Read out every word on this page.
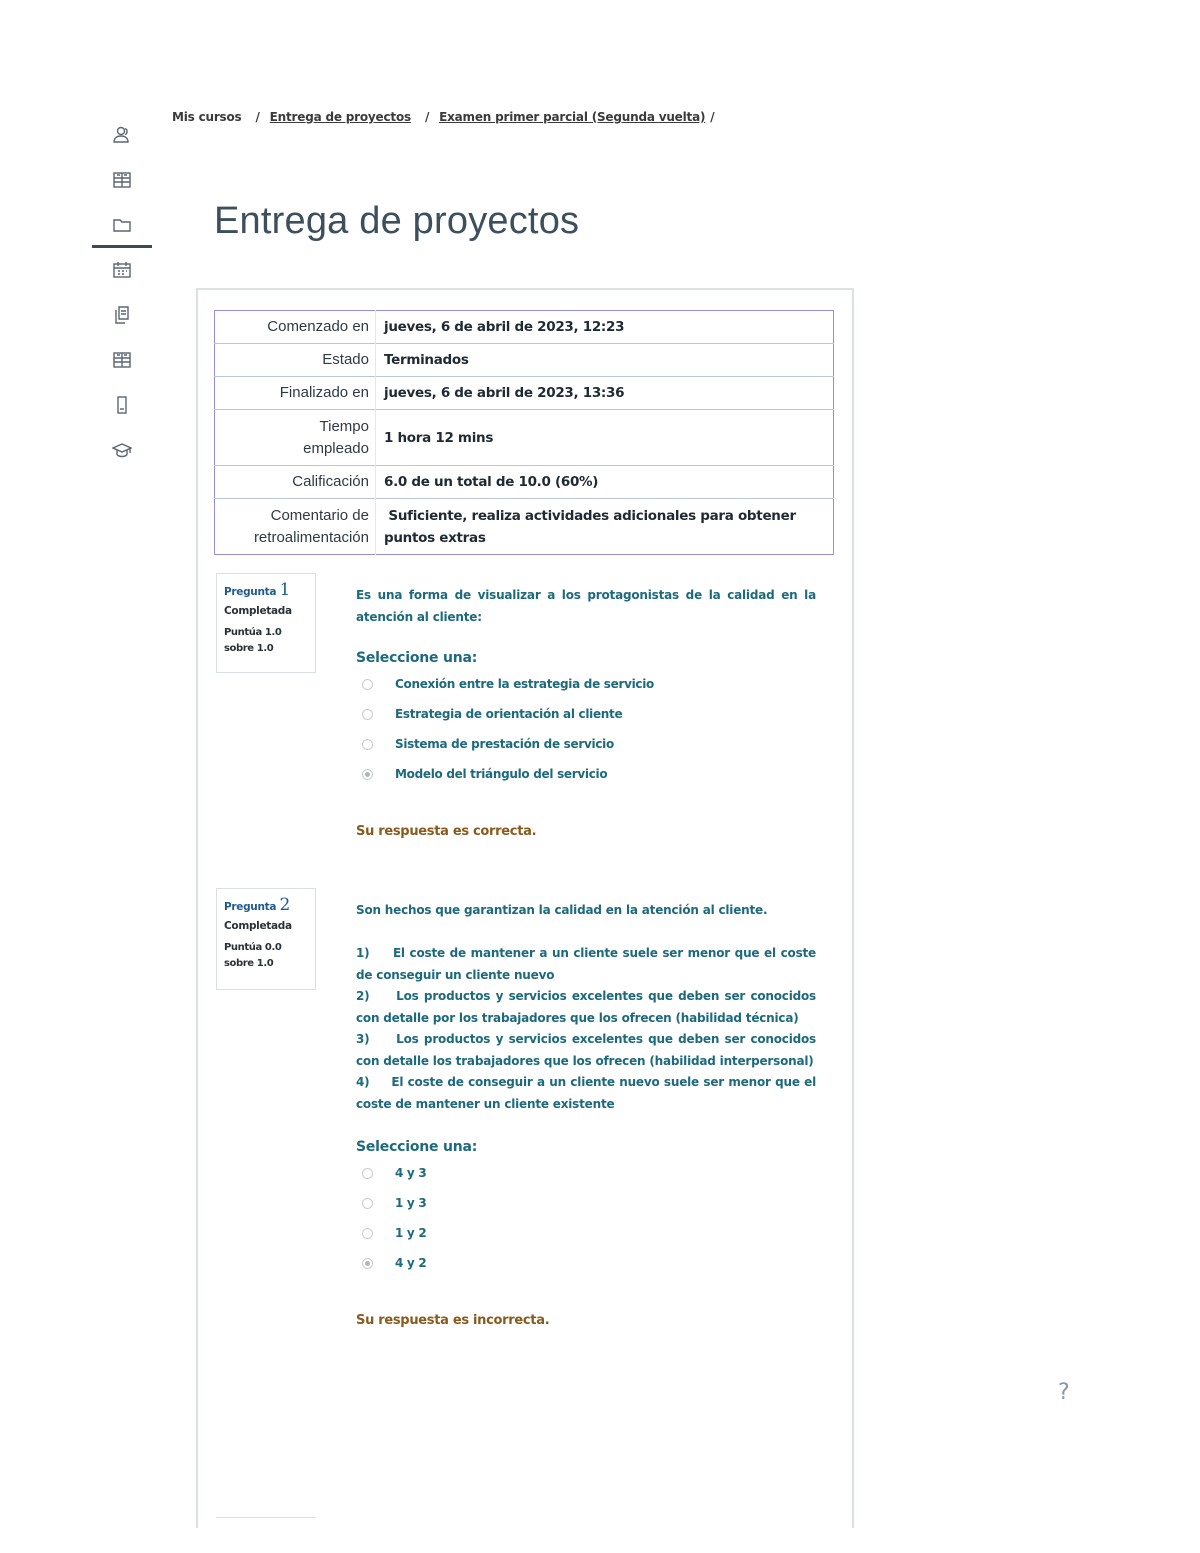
Mis cursos / Entrega de proyectos / Examen primer parcial (Segunda vuelta) /
Entrega de proyectos
Comenzado en	jueves, 6 de abril de 2023, 12:23
Estado	Terminados
Finalizado en	jueves, 6 de abril de 2023, 13:36
Tiempo
empleado	1 hora 12 mins
Calificación	6.0 de un total de 10.0 (60%)
Comentario de
retroalimentación	Suficiente, realiza actividades adicionales para obtener
puntos extras
Pregunta 1
Completada
Puntúa 1.0
sobre 1.0
Es una forma de visualizar a los protagonistas de la calidad en la atención al cliente:
Seleccione una:
Conexión entre la estrategia de servicio
Estrategia de orientación al cliente
Sistema de prestación de servicio
Modelo del triángulo del servicio
Su respuesta es correcta.
Pregunta 2
Completada
Puntúa 0.0
sobre 1.0
Son hechos que garantizan la calidad en la atención al cliente.
1)     El coste de mantener a un cliente suele ser menor que el coste de conseguir un cliente nuevo
2)     Los productos y servicios excelentes que deben ser conocidos  con detalle por los trabajadores que los ofrecen (habilidad técnica)
3)     Los productos y servicios excelentes que deben ser conocidos  con detalle los trabajadores que los ofrecen (habilidad interpersonal)
4)     El coste de conseguir a un cliente nuevo suele ser menor que el coste de mantener un cliente existente
Seleccione una:
4 y 3
1 y 3
1 y 2
4 y 2
Su respuesta es incorrecta.
?
